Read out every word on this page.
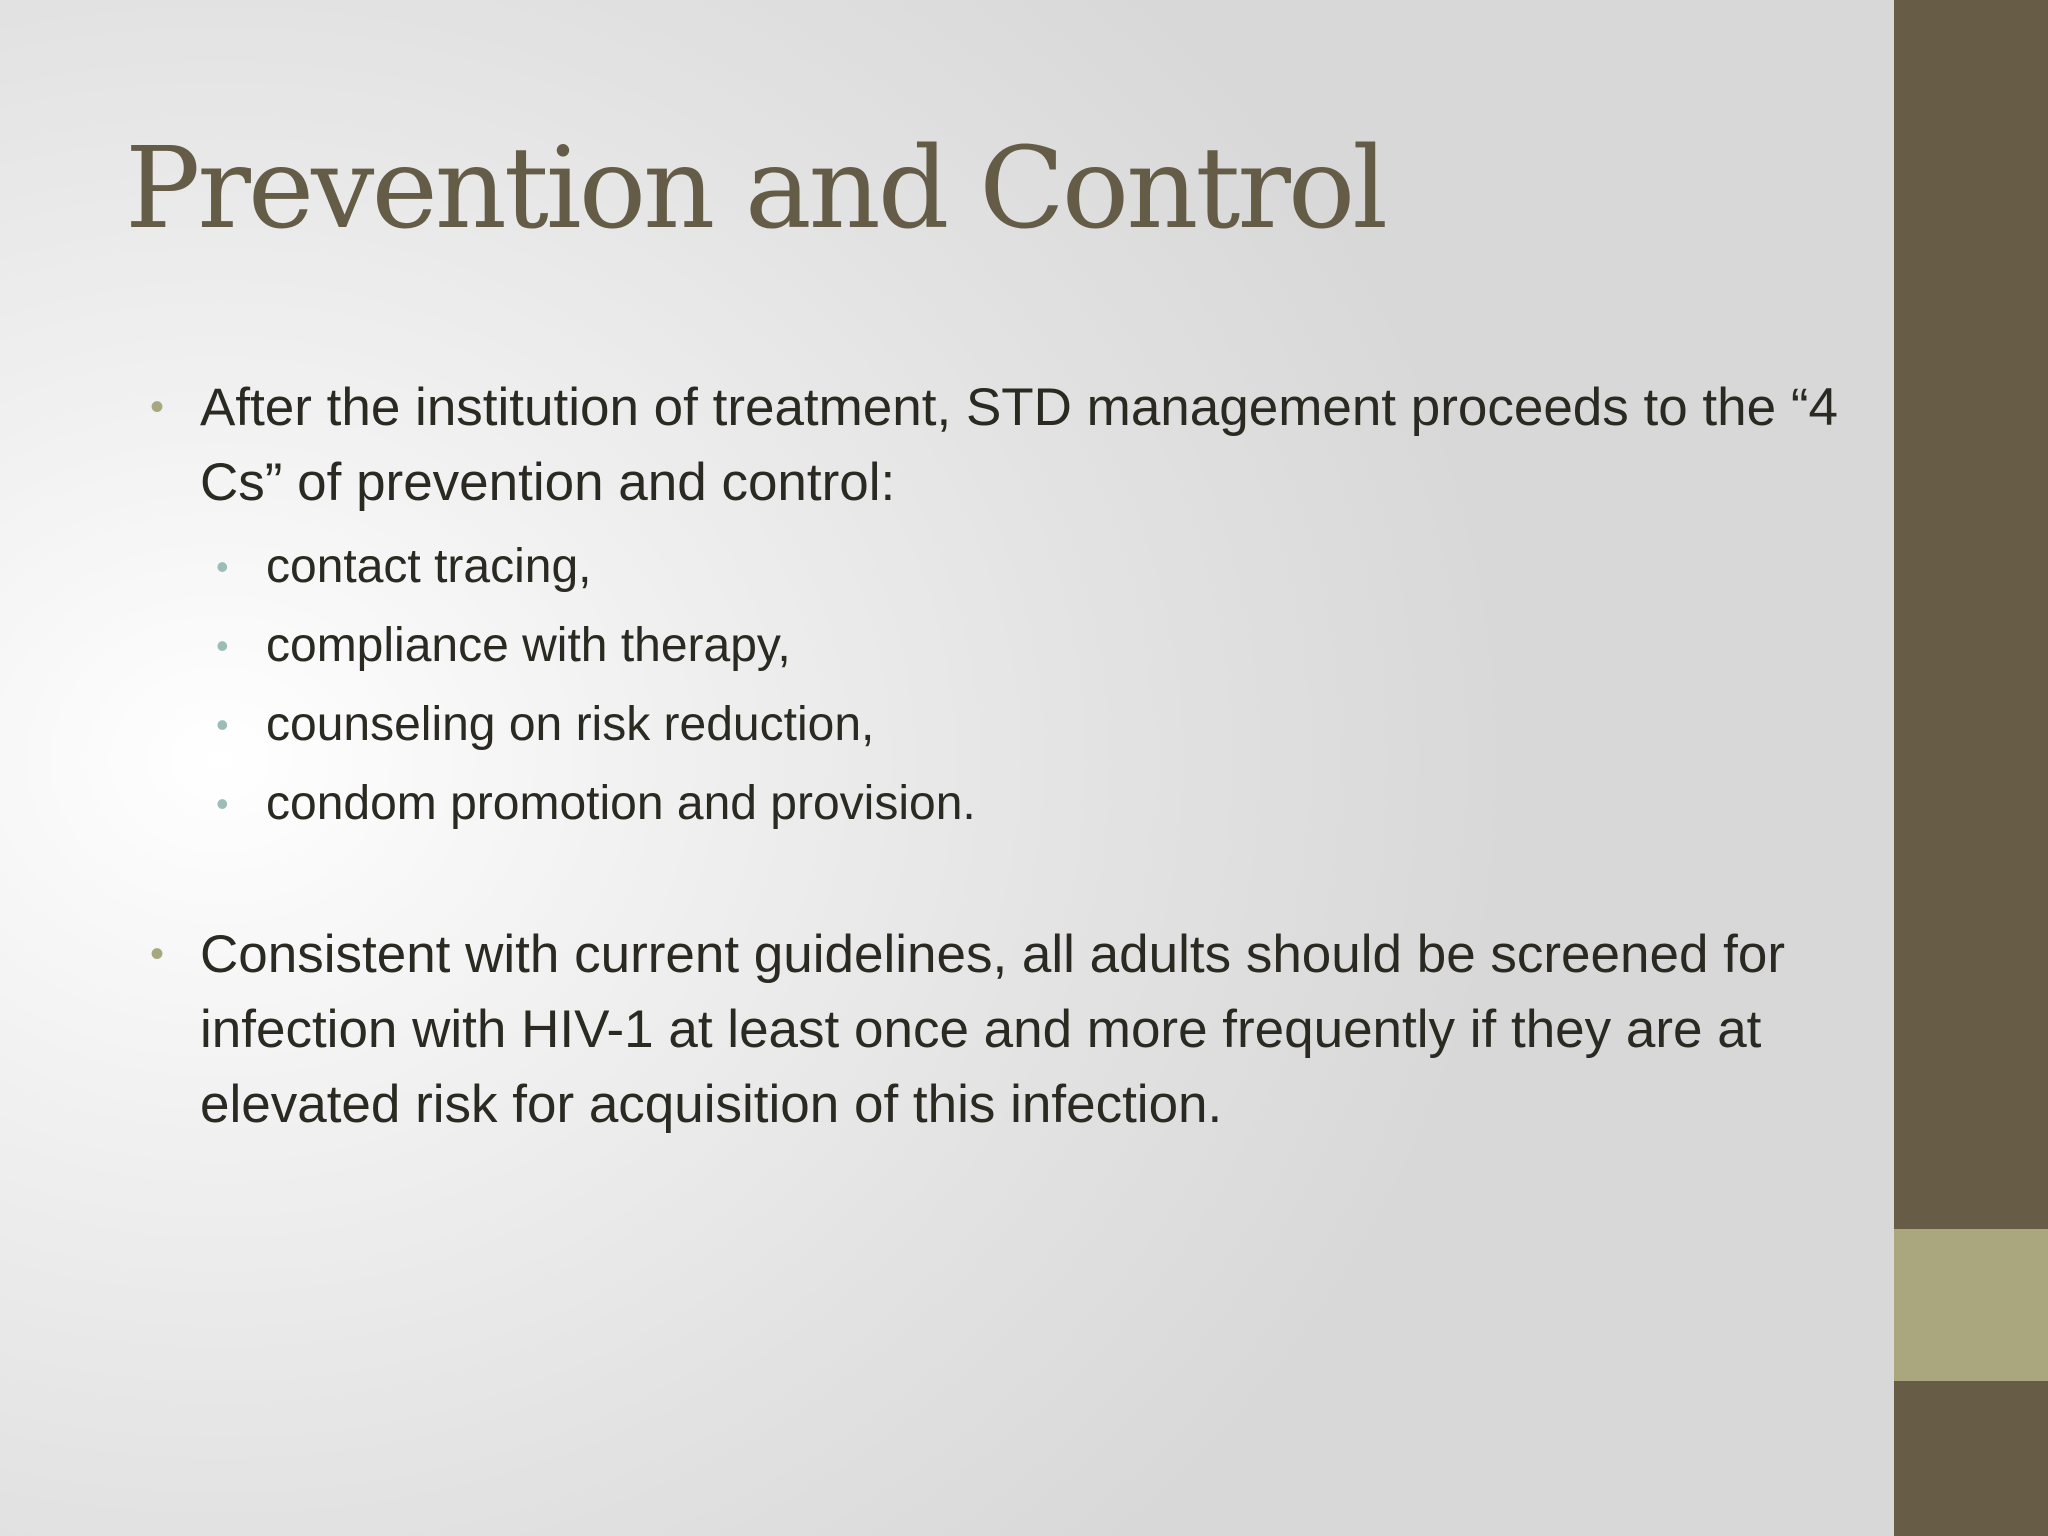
Prevention and Control
• After the institution of treatment, STD management proceeds to the “4 Cs” of prevention and control:
• contact tracing,
• compliance with therapy,
• counseling on risk reduction,
• condom promotion and provision.
• Consistent with current guidelines, all adults should be screened for infection with HIV-1 at least once and more frequently if they are at elevated risk for acquisition of this infection.
